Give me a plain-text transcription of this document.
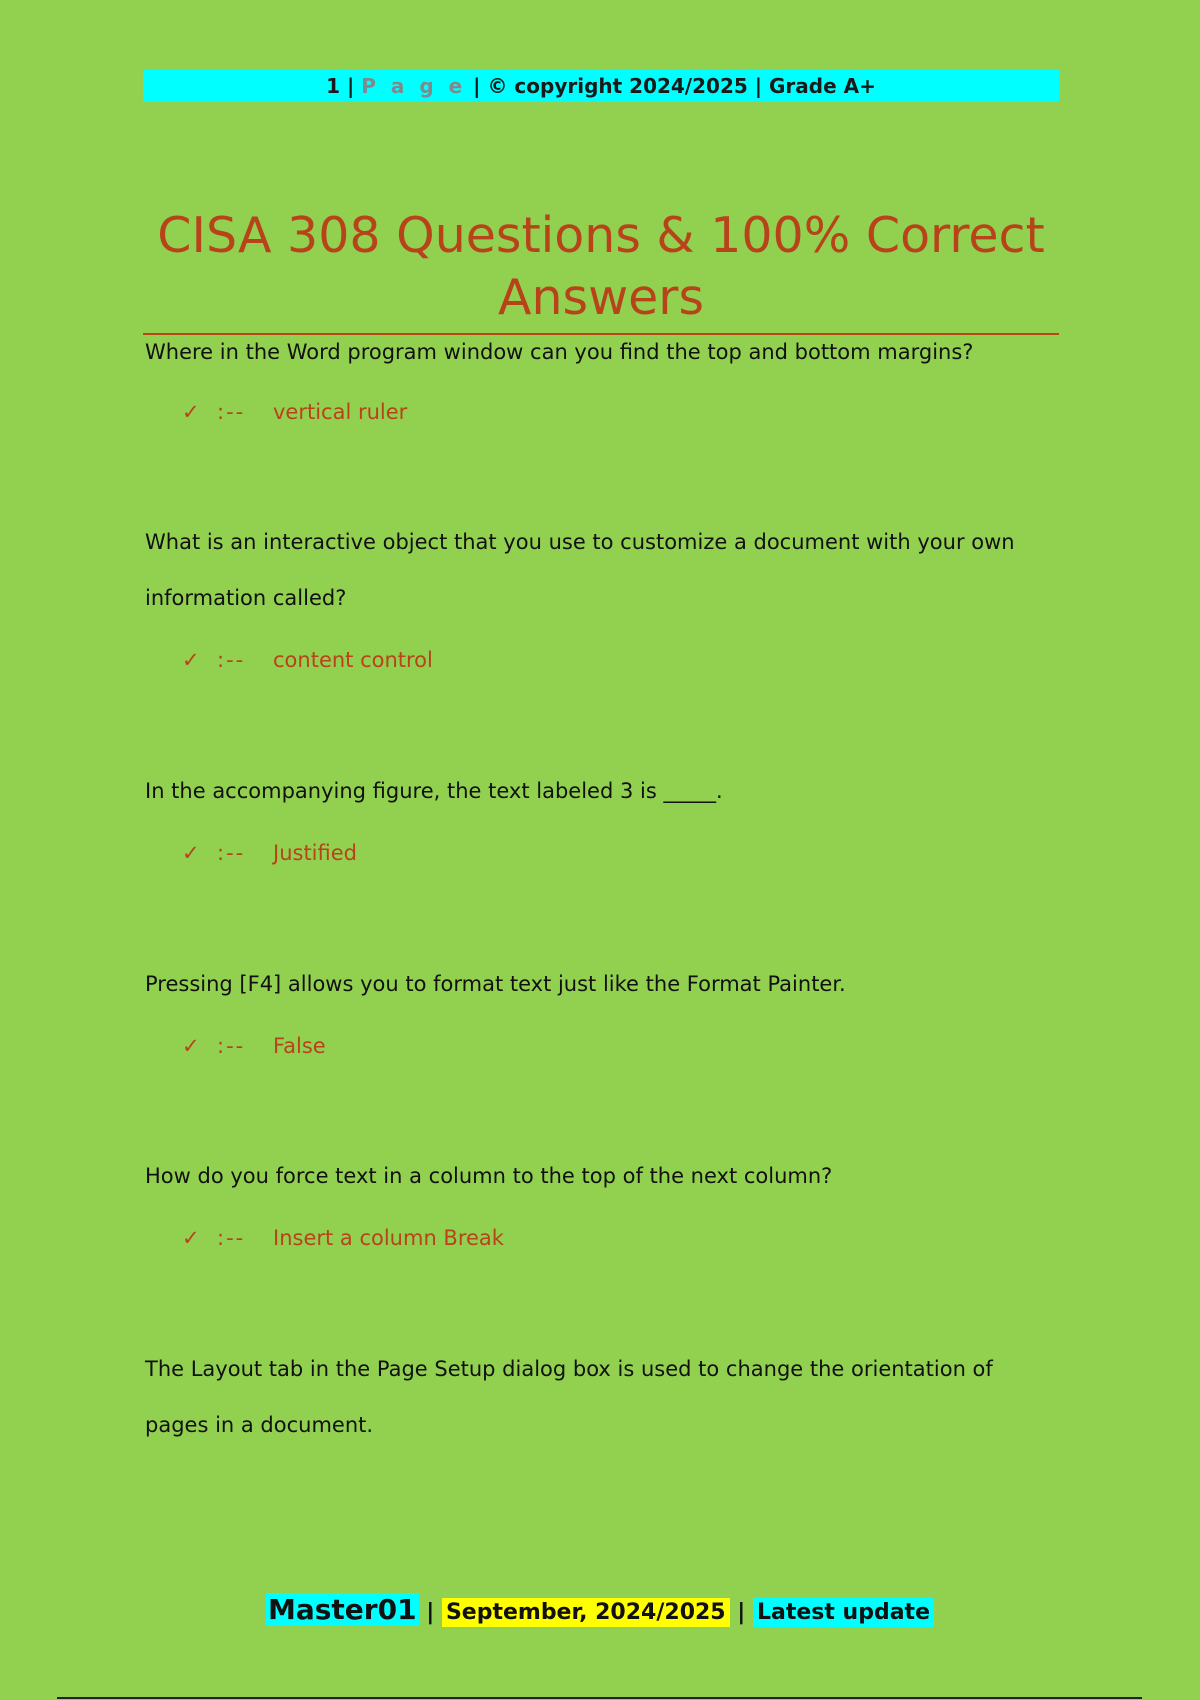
1 | P a g e | © copyright 2024/2025 | Grade A+
CISA 308 Questions & 100% Correct Answers

Where in the Word program window can you find the top and bottom margins?

✓ :-- vertical ruler

What is an interactive object that you use to customize a document with your own information called?

✓ :-- content control

In the accompanying figure, the text labeled 3 is _____.

✓ :-- Justified

Pressing [F4] allows you to format text just like the Format Painter.

✓ :-- False

How do you force text in a column to the top of the next column?

✓ :-- Insert a column Break

The Layout tab in the Page Setup dialog box is used to change the orientation of pages in a document.

Master01 | September, 2024/2025 | Latest update
